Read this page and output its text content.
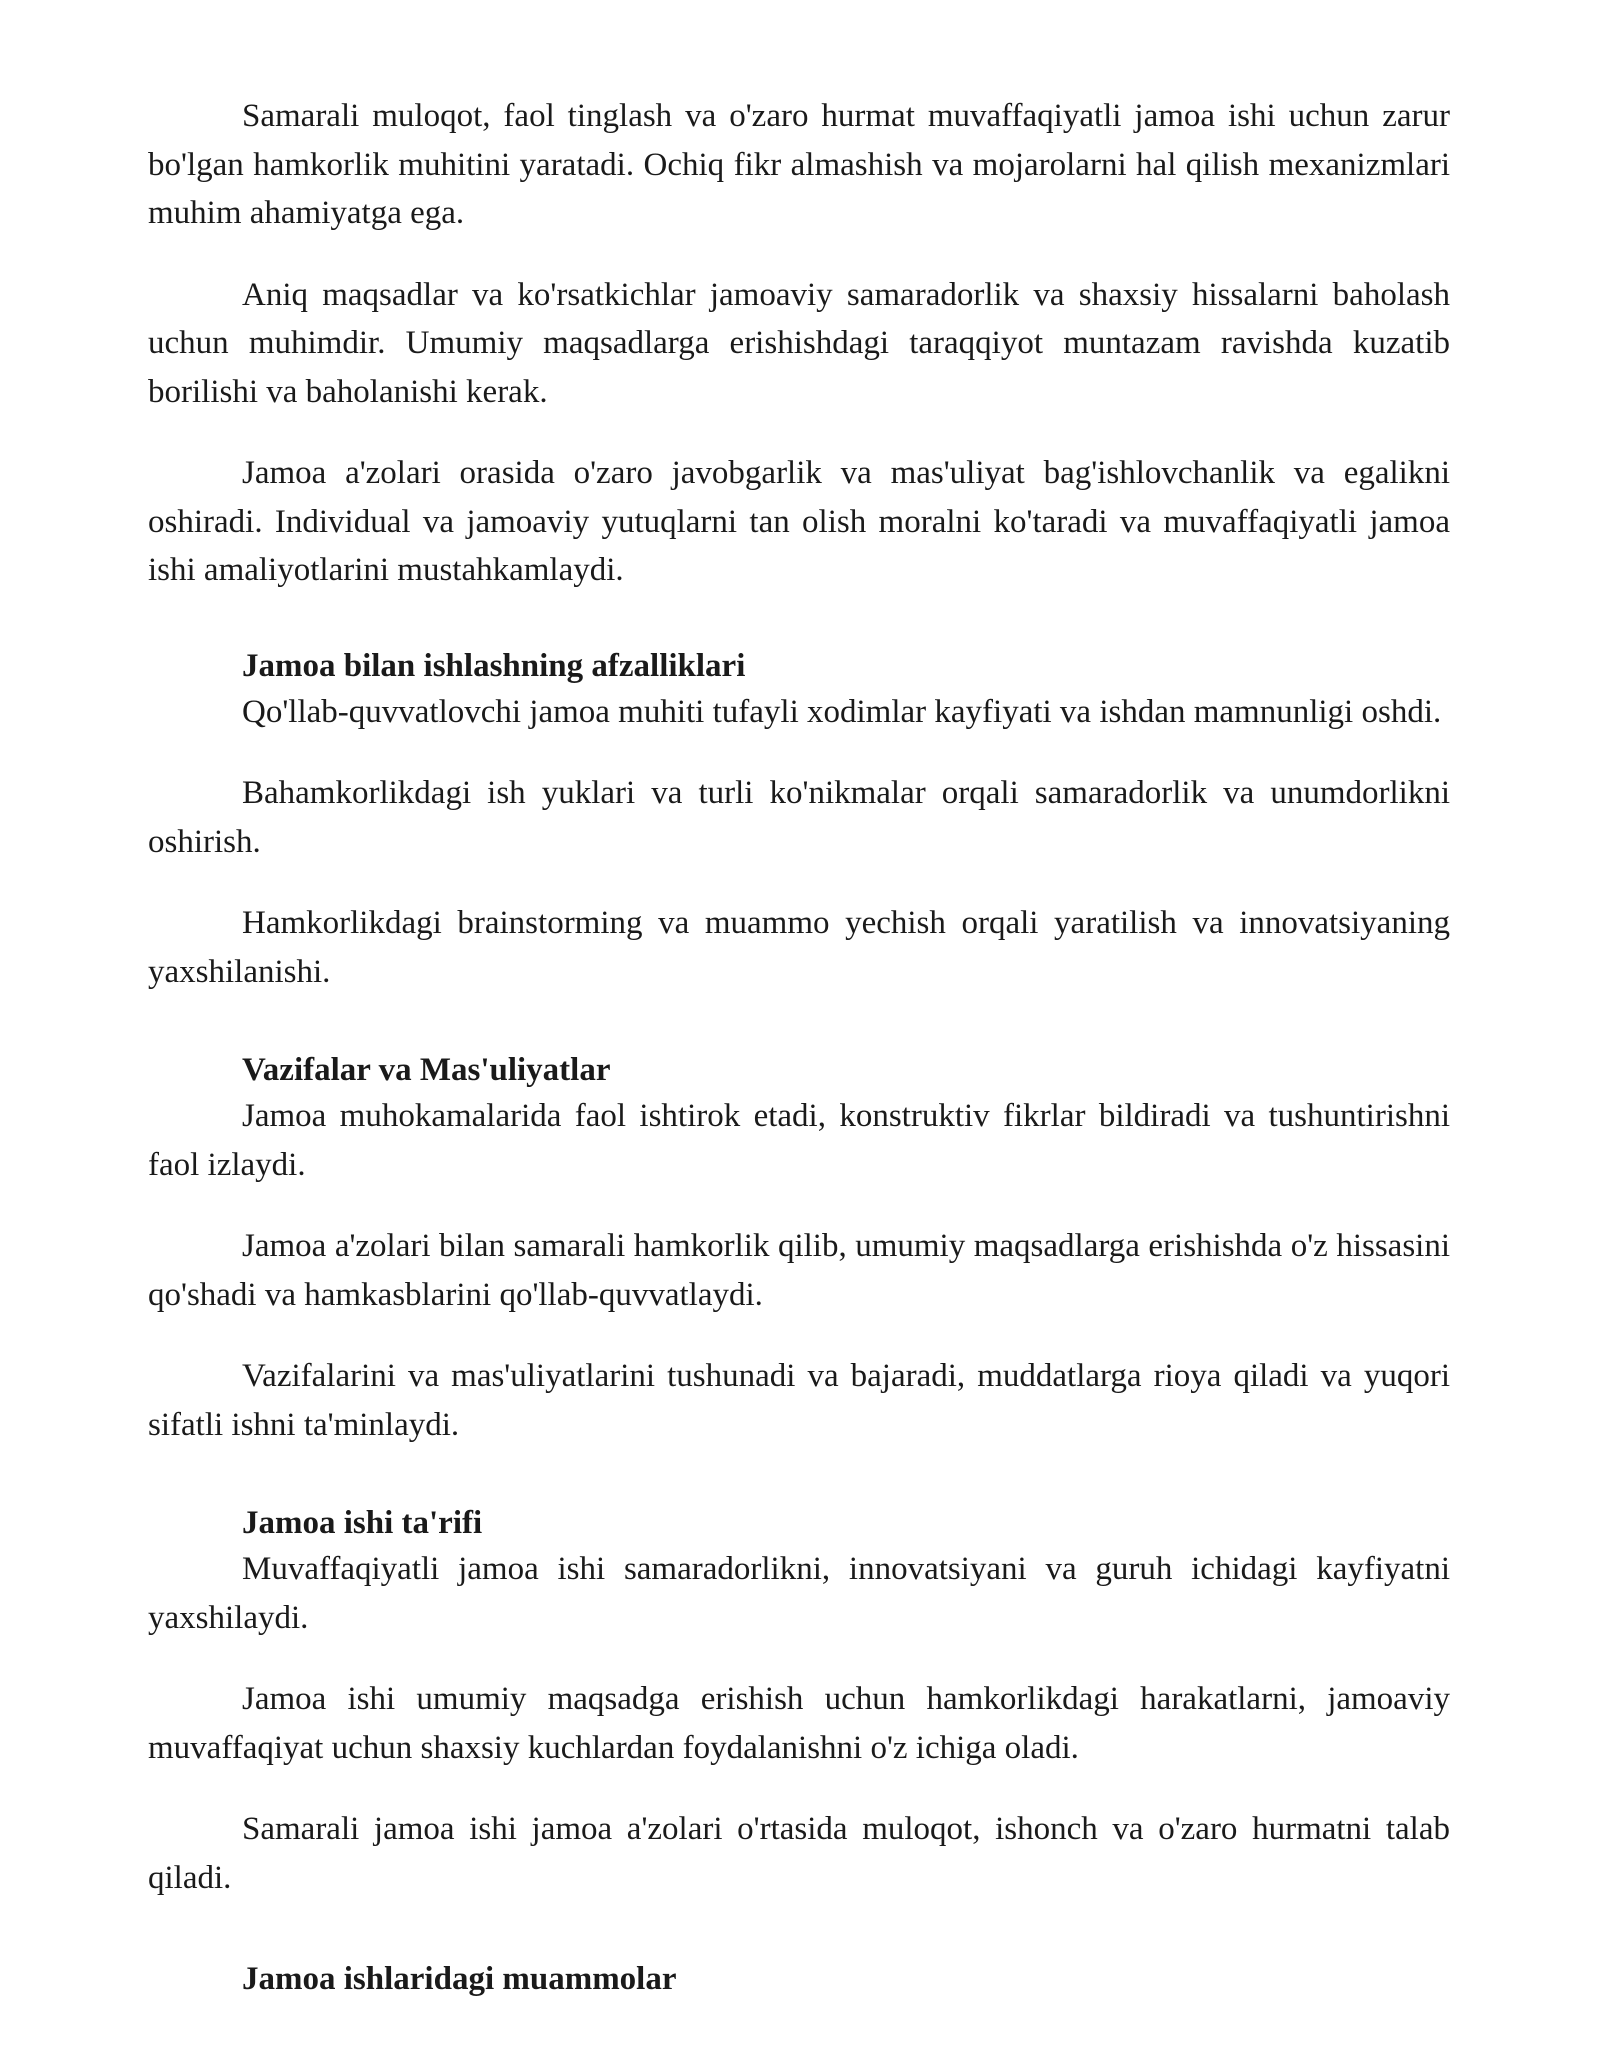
Samarali muloqot, faol tinglash va o'zaro hurmat muvaffaqiyatli jamoa ishi uchun zarur bo'lgan hamkorlik muhitini yaratadi. Ochiq fikr almashish va mojarolarni hal qilish mexanizmlari muhim ahamiyatga ega.

Aniq maqsadlar va ko'rsatkichlar jamoaviy samaradorlik va shaxsiy hissalarni baholash uchun muhimdir. Umumiy maqsadlarga erishishdagi taraqqiyot muntazam ravishda kuzatib borilishi va baholanishi kerak.

Jamoa a'zolari orasida o'zaro javobgarlik va mas'uliyat bag'ishlovchanlik va egalikni oshiradi. Individual va jamoaviy yutuqlarni tan olish moralni ko'taradi va muvaffaqiyatli jamoa ishi amaliyotlarini mustahkamlaydi.

Jamoa bilan ishlashning afzalliklari

Qo'llab-quvvatlovchi jamoa muhiti tufayli xodimlar kayfiyati va ishdan mamnunligi oshdi.

Bahamkorlikdagi ish yuklari va turli ko'nikmalar orqali samaradorlik va unumdorlikni oshirish.

Hamkorlikdagi brainstorming va muammo yechish orqali yaratilish va innovatsiyaning yaxshilanishi.

Vazifalar va Mas'uliyatlar

Jamoa muhokamalarida faol ishtirok etadi, konstruktiv fikrlar bildiradi va tushuntirishni faol izlaydi.

Jamoa a'zolari bilan samarali hamkorlik qilib, umumiy maqsadlarga erishishda o'z hissasini qo'shadi va hamkasblarini qo'llab-quvvatlaydi.

Vazifalarini va mas'uliyatlarini tushunadi va bajaradi, muddatlarga rioya qiladi va yuqori sifatli ishni ta'minlaydi.

Jamoa ishi ta'rifi

Muvaffaqiyatli jamoa ishi samaradorlikni, innovatsiyani va guruh ichidagi kayfiyatni yaxshilaydi.

Jamoa ishi umumiy maqsadga erishish uchun hamkorlikdagi harakatlarni, jamoaviy muvaffaqiyat uchun shaxsiy kuchlardan foydalanishni o'z ichiga oladi.

Samarali jamoa ishi jamoa a'zolari o'rtasida muloqot, ishonch va o'zaro hurmatni talab qiladi.

Jamoa ishlaridagi muammolar
